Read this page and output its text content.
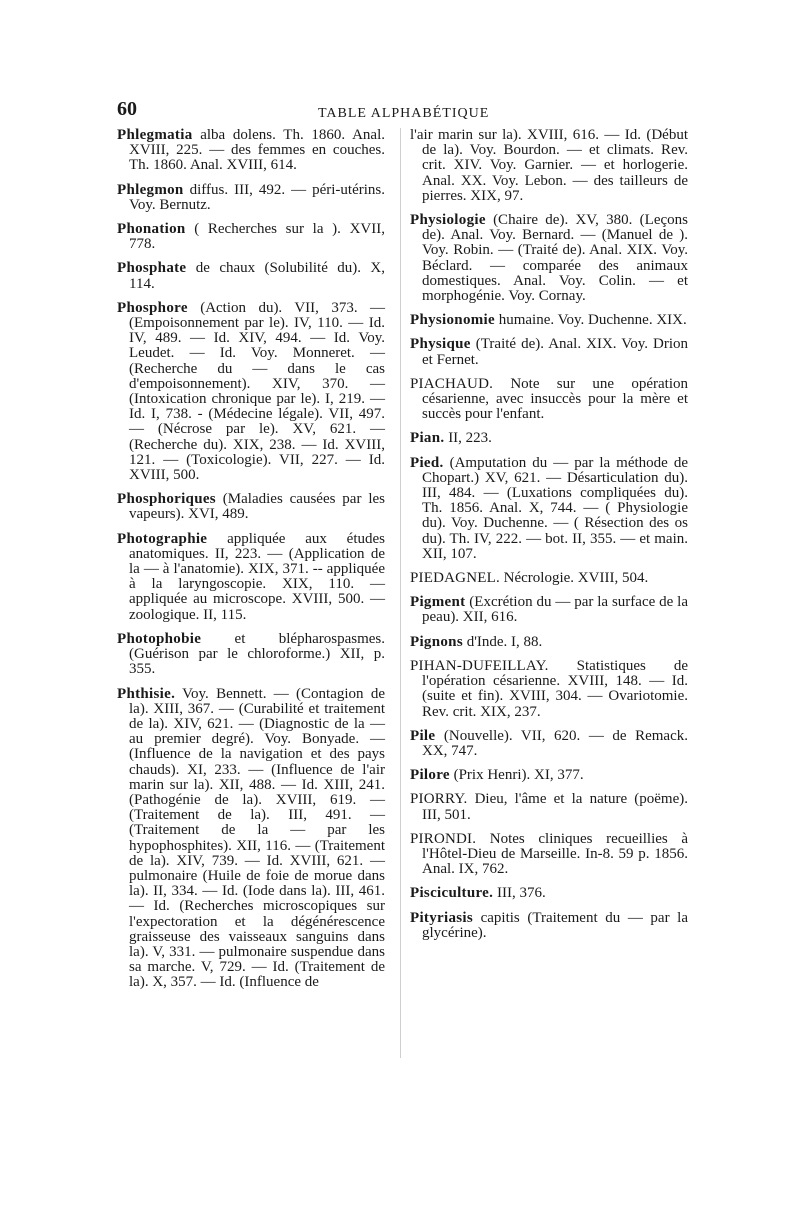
60	TABLE ALPHABÉTIQUE

Phlegmatia alba dolens. Th. 1860. Anal. XVIII, 225. — des femmes en couches. Th. 1860. Anal. XVIII, 614.

Phlegmon diffus. III, 492. — péri-utérins. Voy. Bernutz.

Phonation ( Recherches sur la ). XVII, 778.

Phosphate de chaux (Solubilité du). X, 114.

Phosphore (Action du). VII, 373. — (Empoisonnement par le). IV, 110. — Id. IV, 489. — Id. XIV, 494. — Id. Voy. Leudet. — Id. Voy. Monneret. — (Recherche du — dans le cas d'empoisonnement). XIV, 370. — (Intoxication chronique par le). I, 219. — Id. I, 738. - (Médecine légale). VII, 497. — (Nécrose par le). XV, 621. — (Recherche du). XIX, 238. — Id. XVIII, 121. — (Toxicologie). VII, 227. — Id. XVIII, 500.

Phosphoriques (Maladies causées par les vapeurs). XVI, 489.

Photographie appliquée aux études anatomiques. II, 223. — (Application de la — à l'anatomie). XIX, 371. -- appliquée à la laryngoscopie. XIX, 110. — appliquée au microscope. XVIII, 500. — zoologique. II, 115.

Photophobie et blépharospasmes. (Guérison par le chloroforme.) XII, p. 355.

Phthisie. Voy. Bennett. — (Contagion de la). XIII, 367. — (Curabilité et traitement de la). XIV, 621. — (Diagnostic de la — au premier degré). Voy. Bonyade. — (Influence de la navigation et des pays chauds). XI, 233. — (Influence de l'air marin sur la). XII, 488. — Id. XIII, 241. (Pathogénie de la). XVIII, 619. — (Traitement de la). III, 491. — (Traitement de la — par les hypophosphites). XII, 116. — (Traitement de la). XIV, 739. — Id. XVIII, 621. — pulmonaire (Huile de foie de morue dans la). II, 334. — Id. (Iode dans la). III, 461. — Id. (Recherches microscopiques sur l'expectoration et la dégénérescence graisseuse des vaisseaux sanguins dans la). V, 331. — pulmonaire suspendue dans sa marche. V, 729. — Id. (Traitement de la). X, 357. — Id. (Influence de

l'air marin sur la). XVIII, 616. — Id. (Début de la). Voy. Bourdon. — et climats. Rev. crit. XIV. Voy. Garnier. — et horlogerie. Anal. XX. Voy. Lebon. — des tailleurs de pierres. XIX, 97.

Physiologie (Chaire de). XV, 380. (Leçons de). Anal. Voy. Bernard. — (Manuel de ). Voy. Robin. — (Traité de). Anal. XIX. Voy. Béclard. — comparée des animaux domestiques. Anal. Voy. Colin. — et morphogénie. Voy. Cornay.

Physionomie humaine. Voy. Duchenne. XIX.

Physique (Traité de). Anal. XIX. Voy. Drion et Fernet.

PIACHAUD. Note sur une opération césarienne, avec insuccès pour la mère et succès pour l'enfant.

Pian. II, 223.

Pied. (Amputation du — par la méthode de Chopart.) XV, 621. — Désarticulation du). III, 484. — (Luxations compliquées du). Th. 1856. Anal. X, 744. — ( Physiologie du). Voy. Duchenne. — ( Résection des os du). Th. IV, 222. — bot. II, 355. — et main. XII, 107.

PIEDAGNEL. Nécrologie. XVIII, 504.

Pigment (Excrétion du — par la surface de la peau). XII, 616.

Pignons d'Inde. I, 88.

PIHAN-DUFEILLAY. Statistiques de l'opération césarienne. XVIII, 148. — Id. (suite et fin). XVIII, 304. — Ovariotomie. Rev. crit. XIX, 237.

Pile (Nouvelle). VII, 620. — de Remack. XX, 747.

Pilore (Prix Henri). XI, 377.

PIORRY. Dieu, l'âme et la nature (poëme). III, 501.

PIRONDI. Notes cliniques recueillies à l'Hôtel-Dieu de Marseille. In-8. 59 p. 1856. Anal. IX, 762.

Pisciculture. III, 376.

Pityriasis capitis (Traitement du — par la glycérine).
